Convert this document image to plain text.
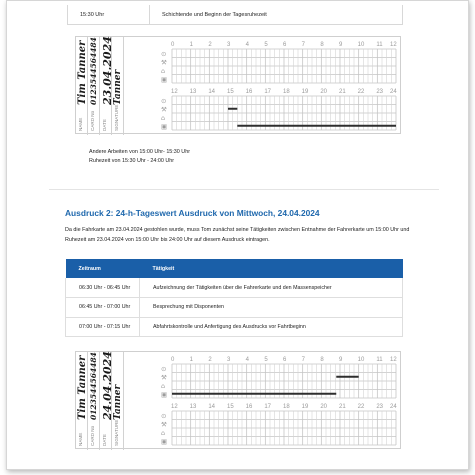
15:30 Uhr	Schichtende und Beginn der Tagesruhezeit
NAME
Tim Tanner
CARD No
0123544564484
DATE
23.04.2024
SIGNATURE
Tanner
0	1	2	3	4	5	6	7	8	9	10 11 12
⊙
⚒
⌂
▣
12 13 14 15 16 17 18 19 20 21 22 23 24
⊙
⚒
⌂
▣
Andere Arbeiten von 15:00 Uhr- 15:30 Uhr
Ruhezeit von 15:30 Uhr - 24:00 Uhr
Ausdruck 2: 24-h-Tageswert Ausdruck von Mittwoch, 24.04.2024

Da die Fahrkarte am 23.04.2024 gestohlen wurde, muss Tom zunächst seine Tätigkeiten zwischen Entnahme der Fahrerkarte um 15:00 Uhr und Ruhezeit am 23.04.2024 von 15:00 Uhr bis 24:00 Uhr auf diesem Ausdruck eintragen.

Zeitraum	Tätigkeit
06:30 Uhr - 06:45 Uhr	Aufzeichnung der Tätigkeiten über die Fahrerkarte und den Massenspeicher
06:45 Uhr - 07:00 Uhr	Besprechung mit Disponenten
07:00 Uhr - 07:15 Uhr	Abfahrtskontrolle und Anfertigung des Ausdrucks vor Fahrtbeginn
NAME
Tim Tanner
CARD No
0123544564484
DATE
24.04.2024
SIGNATURE
Tanner
0	1	2	3	4	5	6	7	8	9	10 11 12
⊙
⚒
⌂
▣
12 13 14 15 16 17 18 19 20 21 22 23 24
⊙
⚒
⌂
▣
